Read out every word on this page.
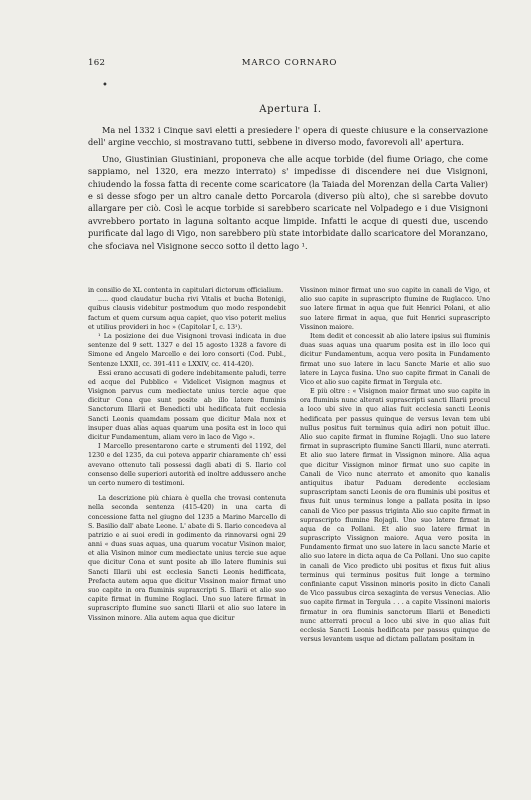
162	MARCO CORNARO
•
Apertura I.

Ma nel 1332 i Cinque savi eletti a presiedere l' opera di queste chiusure e la conservazione dell' argine vecchio, si mostravano tutti, sebbene in diverso modo, favorevoli all' apertura.

Uno, Giustinian Giustiniani, proponeva che alle acque torbide (del fiume Oriago, che come sappiamo, nel 1320, era mezzo interrato) s' impedisse di discendere nei due Visignoni, chiudendo la fossa fatta di recente come scaricatore (la Taiada del Morenzan della Carta Valier) e si desse sfogo per un altro canale detto Porcarola (diverso più alto), che si sarebbe dovuto allargare per ciò. Così le acque torbide si sarebbero scaricate nel Volpadego e i due Visignoni avvrebbero portato in laguna soltanto acque limpide. Infatti le acque di questi due, uscendo purificate dal lago di Vigo, non sarebbero più state intorbidate dallo scaricatore del Moranzano, che sfociava nel Visignone secco sotto il detto lago ¹.

in consilio de XL contenta in capitulari dictorum officialium.

..... quod claudatur bucha rivi Vitalis et bucha Botenigi, quibus clausis videbitur postmodum quo modo respondebit factum et quem cursum aqua capiet, quo viso poterit melius et utilius provideri in hoc » (Capitolar I, c. 13¹).

¹ La posizione dei due Visignoni trovasi indicata in due sentenze del 9 sett. 1327 e del 15 agosto 1328 a favore di Simone ed Angelo Marcello e dei loro consorti (Cod. Publ., Sentenze LXXII, cc. 391-411 e LXXIV, cc. 414-420).

Essi erano accusati di godere indebitamente paludi, terre ed acque del Pubblico « Videlicet Visignon magnus et Visignon parvus cum mediectate unius tercie aque que dicitur Cona que sunt posite ab illo latere fluminis Sanctorum Illarii et Benedicti ubi hedificata fuit ecclesia Sancti Leonis quamdam possam que dicitur Mala nox et insuper duas alias aquas quarum una posita est in loco qui dicitur Fundamentum, aliam vero in laco de Vigo ».

I Marcello presentarono carte e strumenti del 1192, del 1230 e del 1235, da cui poteva apparir chiaramente ch' essi avevano ottenuto tali possessi dagli abati di S. Ilario col consenso delle superiori autorità ed inoltre addussero anche un certo numero di testimoni.

La descrizione più chiara è quella che trovasi contenuta nella seconda sentenza (415-420) in una carta di concessione fatta nel giugno del 1235 a Marino Marcello di S. Basilio dall' abate Leone. L' abate di S. Ilario concedeva al patrizio e ai suoi eredi in godimento da rinnovarsi ogni 29 anni « duas suas aquas, una quarum vocatur Visinon maior, et alia Visinon minor cum mediectate unius tercie sue aque que dicitur Cona et sunt posite ab illo latere fluminis sui Sancti Illarii ubi est ecclesia Sancti Leonis hedifficata, Prefacta autem aqua que dicitur Vissinon maior firmat uno suo capite in ora fluminis supraxcripti S. Illarii et alio suo capite firmat in flumine Roglaci. Uno suo latere firmat in suprascripto flumine suo sancti Illarii et alio suo latere in Vissinon minore. Alia autem aqua que dicitur

Vissinon minor firmat uno suo capite in canali de Vigo, et alio suo capite in suprascripto flumine de Ruglacco. Uno suo latere firmat in aqua que fuit Henrici Polani, et alio suo latere firmat in aqua, que fuit Henrici suprascripto Vissinon maiore.

Item dedit et concessit ab alio latere ipsius sui fluminis duas suas aquas una quarum posita est in illo loco qui dicitur Fundamentum, acqua vero posita in Fundamento firmat uno suo latere in lacu Sancte Marie et alio suo latere in Layca fusina. Uno suo capite firmat in Canali de Vico et alio suo capite firmat in Tergula etc.

E più oltre : « Visignon maior firmat uno suo capite in ora fluminis nunc alterati suprascripti sancti Illarii procul a loco ubi sive in quo alias fuit ecclesia sancti Leonis hedificata per passus quinque de versus levan tem ubi nullus positus fuit terminus quia adiri non potuit illuc. Alio suo capite firmat in flumine Rojagli. Uno suo latere firmat in suprascripto flumine Sancti Illarii, nunc aterrati. Et alio suo latere firmat in Vissignon minore. Alia aqua que dicitur Vissignon minor firmat uno suo capite in Canali de Vico nunc aterrato et amonito quo kanalis antiquitus ibatur Paduam deredente ecclesiam suprascriptam sancti Leonis de ora fluminis ubi positus et fixus fuit unus terminus longe a pallata posita in ipso canali de Vico per passus triginta Alio suo capite firmat in suprascripto flumine Rojagli. Uno suo latere firmat in aqua de ca Pollani. Et alio suo latere firmat in suprascripto Vissignon maiore. Aqua vero posita in Fundamento firmat uno suo latere in lacu sancte Marie et alio suo latere in dicta aqua de Ca Pollani. Uno suo capite in canali de Vico predicto ubi positus et fixus fuit alius terminus qui terminus positus fuit longe a termino confiniante caput Vissinon minoris posito in dicto Canali de Vico passubus circa sexaginta de versus Venecias. Alio suo capite firmat in Tergula . . . a capite Vissinoni maioris firmatur in ora fluminis sanctorum Illarii et Benedicti nunc atterrati procul a loco ubi sive in quo alias fuit ecclesia Sancti Leonis hedificata per passus quinque de versus levantem usque ad dictam pallatam positam in
